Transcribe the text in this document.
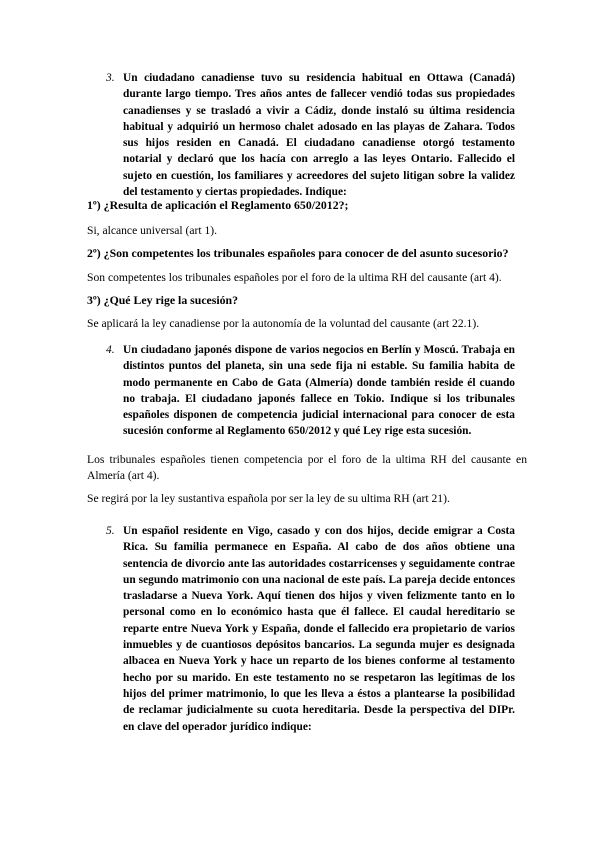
3. Un ciudadano canadiense tuvo su residencia habitual en Ottawa (Canadá) durante largo tiempo. Tres años antes de fallecer vendió todas sus propiedades canadienses y se trasladó a vivir a Cádiz, donde instaló su última residencia habitual y adquirió un hermoso chalet adosado en las playas de Zahara. Todos sus hijos residen en Canadá. El ciudadano canadiense otorgó testamento notarial y declaró que los hacía con arreglo a las leyes Ontario. Fallecido el sujeto en cuestión, los familiares y acreedores del sujeto litigan sobre la validez del testamento y ciertas propiedades. Indique:
1º) ¿Resulta de aplicación el Reglamento 650/2012?;
Si, alcance universal (art 1).
2º) ¿Son competentes los tribunales españoles para conocer de del asunto sucesorio?
Son competentes los tribunales españoles por el foro de la ultima RH del causante (art 4).
3º) ¿Qué Ley rige la sucesión?
Se aplicará la ley canadiense por la autonomía de la voluntad del causante (art 22.1).
4. Un ciudadano japonés dispone de varios negocios en Berlín y Moscú. Trabaja en distintos puntos del planeta, sin una sede fija ni estable. Su familia habita de modo permanente en Cabo de Gata (Almería) donde también reside él cuando no trabaja. El ciudadano japonés fallece en Tokio. Indique si los tribunales españoles disponen de competencia judicial internacional para conocer de esta sucesión conforme al Reglamento 650/2012 y qué Ley rige esta sucesión.
Los tribunales españoles tienen competencia por el foro de la ultima RH del causante en Almería (art 4).
Se regirá por la ley sustantiva española por ser la ley de su ultima RH (art 21).
5. Un español residente en Vigo, casado y con dos hijos, decide emigrar a Costa Rica. Su familia permanece en España. Al cabo de dos años obtiene una sentencia de divorcio ante las autoridades costarricenses y seguidamente contrae un segundo matrimonio con una nacional de este país. La pareja decide entonces trasladarse a Nueva York. Aquí tienen dos hijos y viven felizmente tanto en lo personal como en lo económico hasta que él fallece. El caudal hereditario se reparte entre Nueva York y España, donde el fallecido era propietario de varios inmuebles y de cuantiosos depósitos bancarios. La segunda mujer es designada albacea en Nueva York y hace un reparto de los bienes conforme al testamento hecho por su marido. En este testamento no se respetaron las legítimas de los hijos del primer matrimonio, lo que les lleva a éstos a plantearse la posibilidad de reclamar judicialmente su cuota hereditaria. Desde la perspectiva del DIPr. en clave del operador jurídico indique:
